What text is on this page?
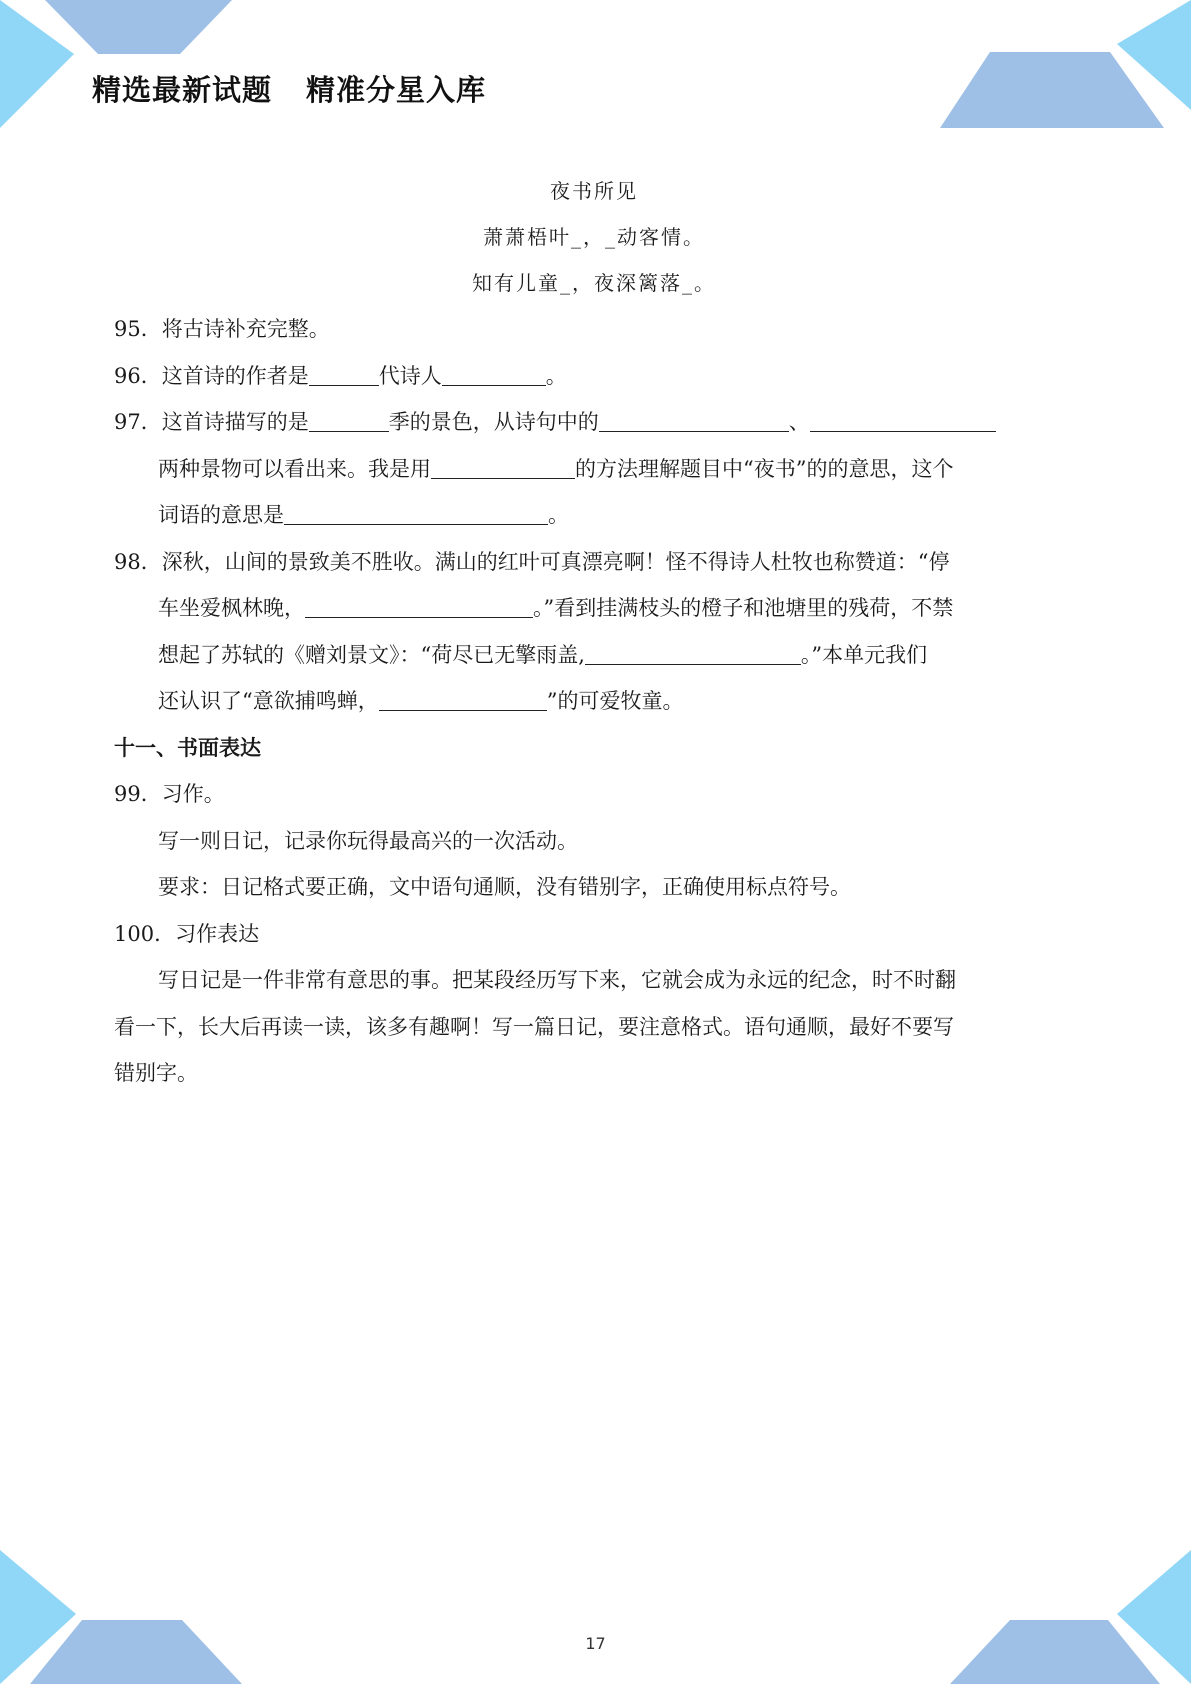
精选最新试题 精准分星入库
夜书所见
萧萧梧叶_，_动客情。
知有儿童_，夜深篱落_。
95．将古诗补充完整。
96．这首诗的作者是	代诗人	。
97．这首诗描写的是	季的景色，从诗句中的	、
两种景物可以看出来。我是用	的方法理解题目中“夜书”的的意思，这个
词语的意思是	。
98．深秋，山间的景致美不胜收。满山的红叶可真漂亮啊！怪不得诗人杜牧也称赞道：“停
车坐爱枫林晚，	。”看到挂满枝头的橙子和池塘里的残荷，不禁
想起了苏轼的《赠刘景文》：“荷尽已无擎雨盖,	。”本单元我们
还认识了“意欲捕鸣蝉，	”的可爱牧童。
十一、书面表达
99．习作。
写一则日记，记录你玩得最高兴的一次活动。
要求：日记格式要正确，文中语句通顺，没有错别字，正确使用标点符号。
100．习作表达
写日记是一件非常有意思的事。把某段经历写下来，它就会成为永远的纪念，时不时翻
看一下，长大后再读一读，该多有趣啊！写一篇日记，要注意格式。语句通顺，最好不要写
错别字。
17
